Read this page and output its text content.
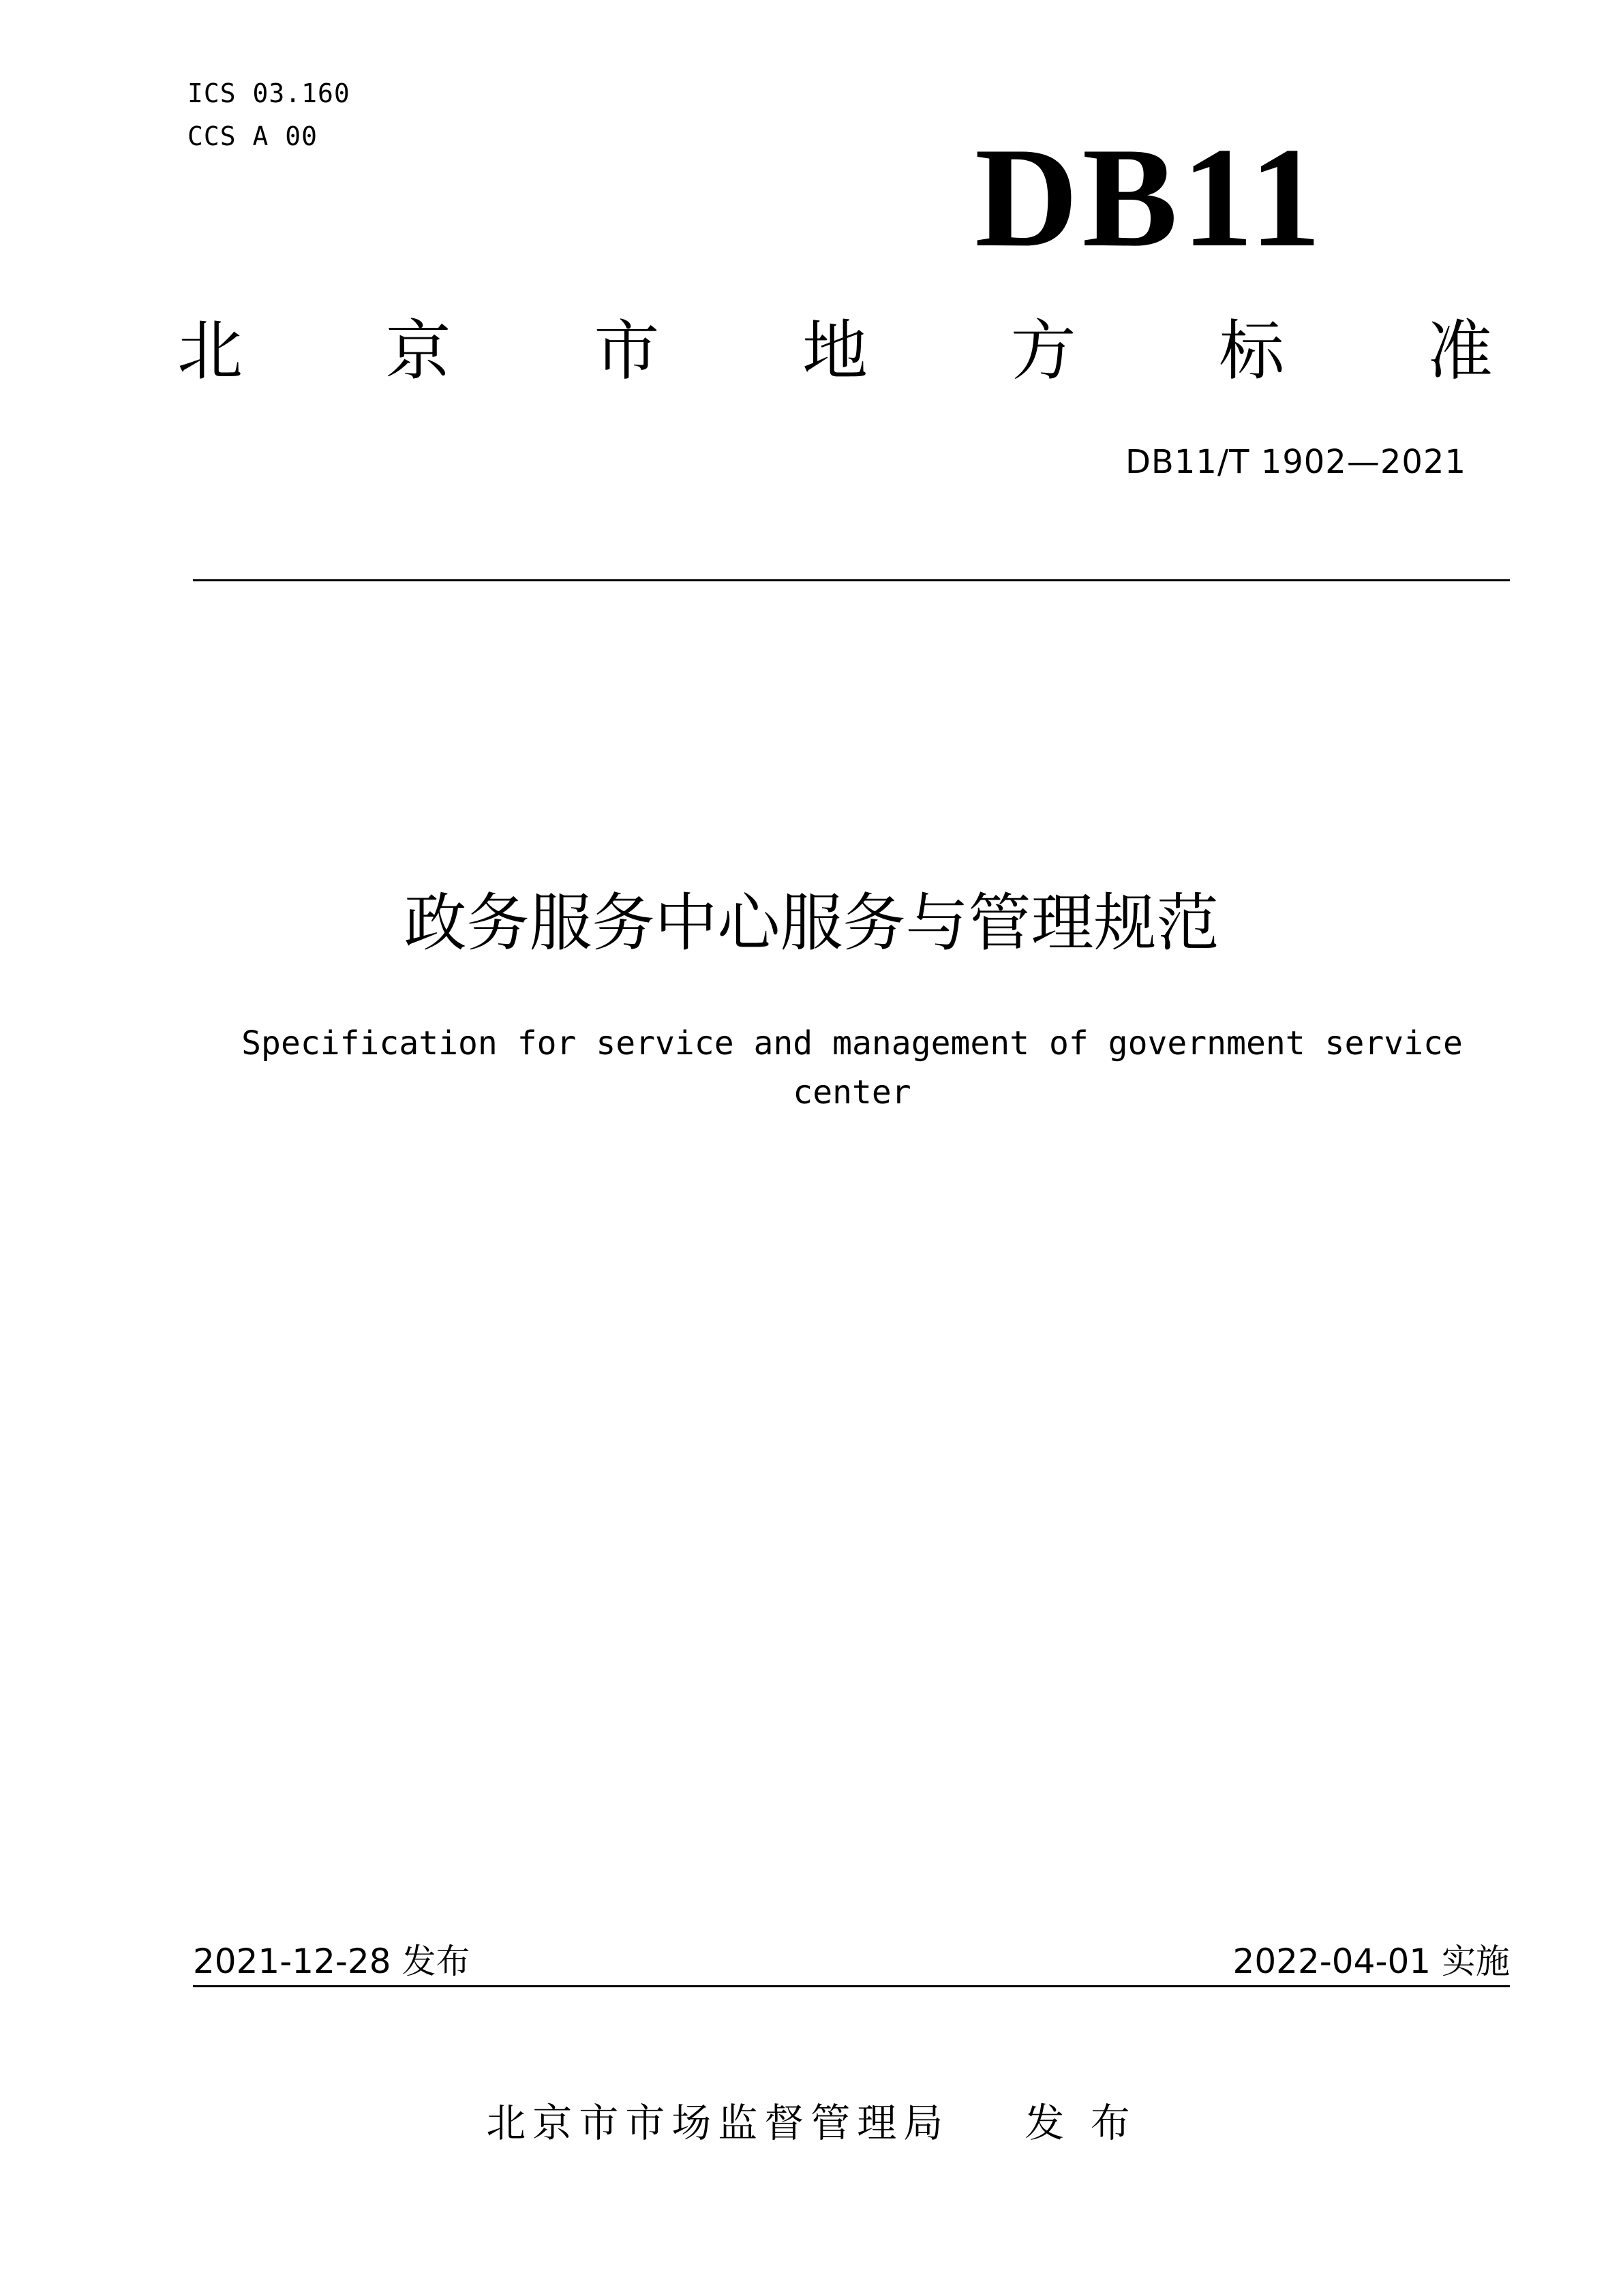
ICS 03.160
CCS A 00	DB11
北 京 市 地 方 标 准
DB11/T 1902—2021
政务服务中心服务与管理规范
Specification for service and management of government service center
2021-12-28 发布	2022-04-01 实施
北京市市场监督管理局 发 布
